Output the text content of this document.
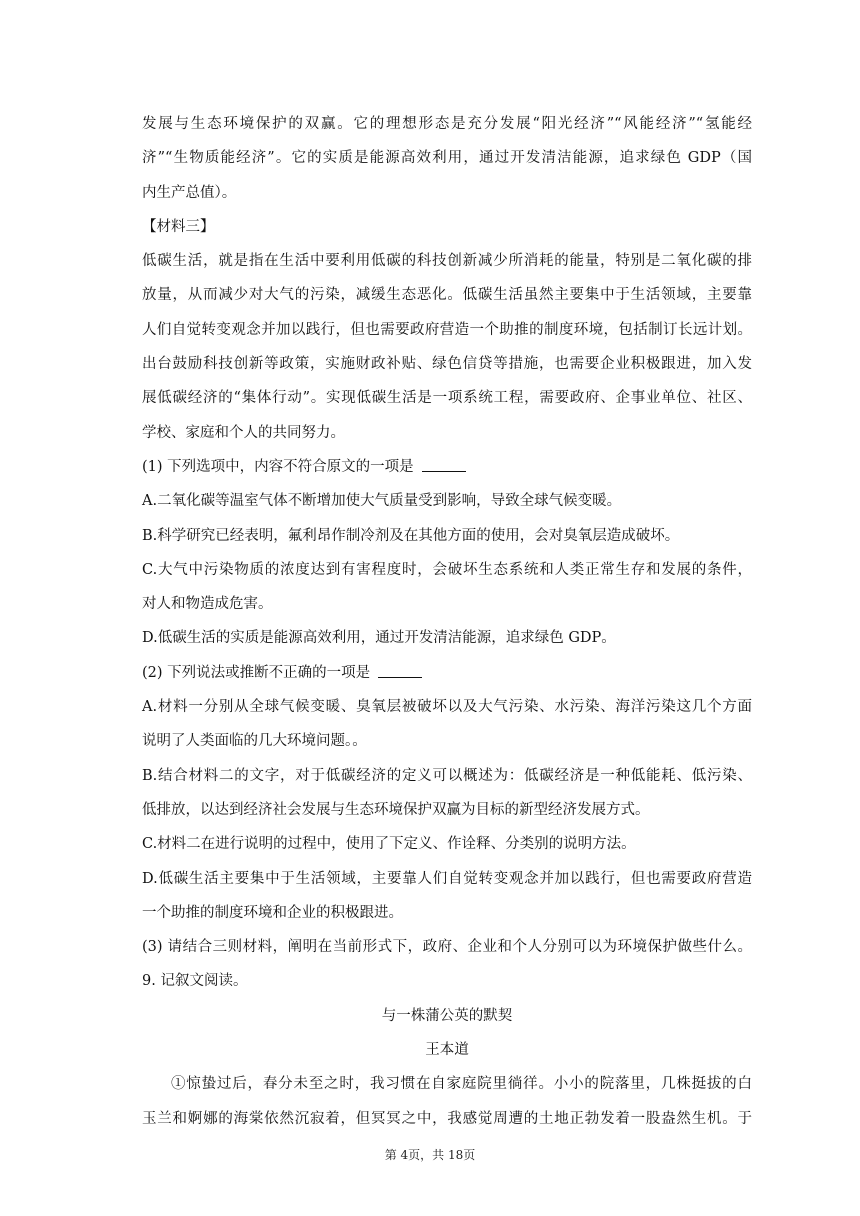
发展与生态环境保护的双赢。它的理想形态是充分发展“阳光经济”“风能经济”“氢能经
济”“生物质能经济”。它的实质是能源高效利用，通过开发清洁能源，追求绿色 GDP（国
内生产总值）。
【材料三】
低碳生活，就是指在生活中要利用低碳的科技创新减少所消耗的能量，特别是二氧化碳的排
放量，从而减少对大气的污染，减缓生态恶化。低碳生活虽然主要集中于生活领域，主要靠
人们自觉转变观念并加以践行，但也需要政府营造一个助推的制度环境，包括制订长远计划。
出台鼓励科技创新等政策，实施财政补贴、绿色信贷等措施，也需要企业积极跟进，加入发
展低碳经济的“集体行动”。实现低碳生活是一项系统工程，需要政府、企事业单位、社区、
学校、家庭和个人的共同努力。
(1) 下列选项中，内容不符合原文的一项是
A.二氧化碳等温室气体不断增加使大气质量受到影响，导致全球气候变暖。
B.科学研究已经表明，氟利昂作制冷剂及在其他方面的使用，会对臭氧层造成破坏。
C.大气中污染物质的浓度达到有害程度时，会破坏生态系统和人类正常生存和发展的条件，
对人和物造成危害。
D.低碳生活的实质是能源高效利用，通过开发清洁能源，追求绿色 GDP。
(2) 下列说法或推断不正确的一项是
A.材料一分别从全球气候变暖、臭氧层被破坏以及大气污染、水污染、海洋污染这几个方面
说明了人类面临的几大环境问题。。
B.结合材料二的文字，对于低碳经济的定义可以概述为：低碳经济是一种低能耗、低污染、
低排放，以达到经济社会发展与生态环境保护双赢为目标的新型经济发展方式。
C.材料二在进行说明的过程中，使用了下定义、作诠释、分类别的说明方法。
D.低碳生活主要集中于生活领域，主要靠人们自觉转变观念并加以践行，但也需要政府营造
一个助推的制度环境和企业的积极跟进。
(3) 请结合三则材料，阐明在当前形式下，政府、企业和个人分别可以为环境保护做些什么。
9. 记叙文阅读。
与一株蒲公英的默契
王本道
①惊蛰过后，春分未至之时，我习惯在自家庭院里徜徉。小小的院落里，几株挺拔的白
玉兰和婀娜的海棠依然沉寂着，但冥冥之中，我感觉周遭的土地正勃发着一股盎然生机。于
第 4页，共 18页
